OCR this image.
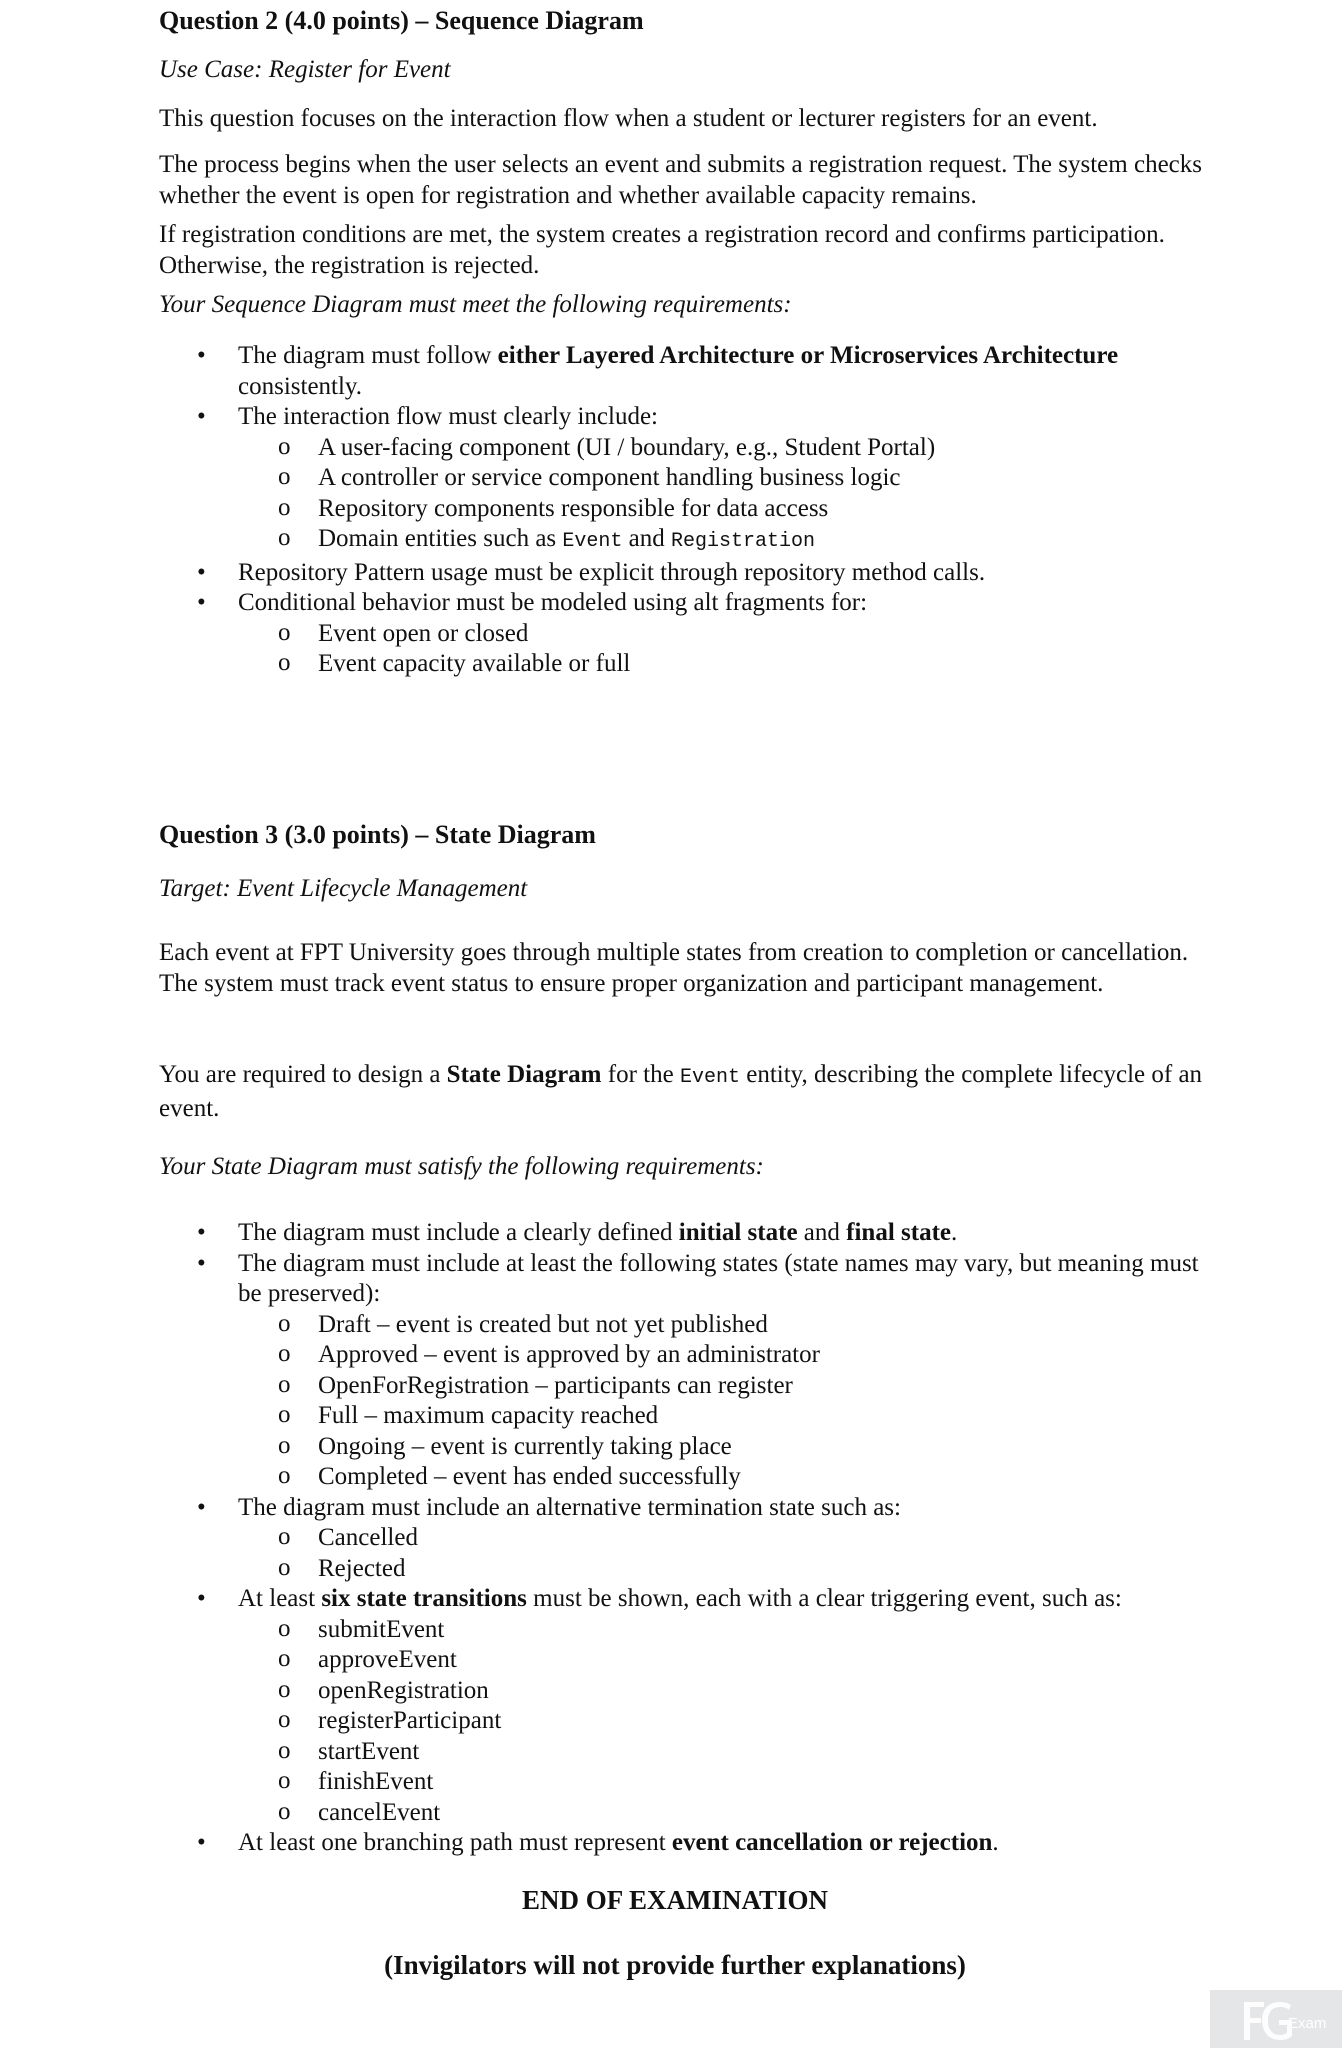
Question 2 (4.0 points) – Sequence Diagram

Use Case: Register for Event

This question focuses on the interaction flow when a student or lecturer registers for an event.

The process begins when the user selects an event and submits a registration request. The system checks whether the event is open for registration and whether available capacity remains.

If registration conditions are met, the system creates a registration record and confirms participation. Otherwise, the registration is rejected.

Your Sequence Diagram must meet the following requirements:

• The diagram must follow either Layered Architecture or Microservices Architecture consistently.
• The interaction flow must clearly include:
o	A user-facing component (UI / boundary, e.g., Student Portal)
o	A controller or service component handling business logic
o	Repository components responsible for data access
o	Domain entities such as Event and Registration
• Repository Pattern usage must be explicit through repository method calls.
• Conditional behavior must be modeled using alt fragments for:
o	Event open or closed
o	Event capacity available or full

Question 3 (3.0 points) – State Diagram

Target: Event Lifecycle Management

Each event at FPT University goes through multiple states from creation to completion or cancellation. The system must track event status to ensure proper organization and participant management.

You are required to design a State Diagram for the Event entity, describing the complete lifecycle of an event.

Your State Diagram must satisfy the following requirements:

• The diagram must include a clearly defined initial state and final state.
• The diagram must include at least the following states (state names may vary, but meaning must be preserved):
o	Draft – event is created but not yet published
o	Approved – event is approved by an administrator
o	OpenForRegistration – participants can register
o	Full – maximum capacity reached
o	Ongoing – event is currently taking place
o	Completed – event has ended successfully
• The diagram must include an alternative termination state such as:
o	Cancelled
o	Rejected
• At least six state transitions must be shown, each with a clear triggering event, such as:
o	submitEvent
o	approveEvent
o	openRegistration
o	registerParticipant
o	startEvent
o	finishEvent
o	cancelEvent
• At least one branching path must represent event cancellation or rejection.

END OF EXAMINATION

(Invigilators will not provide further explanations)

Exam
